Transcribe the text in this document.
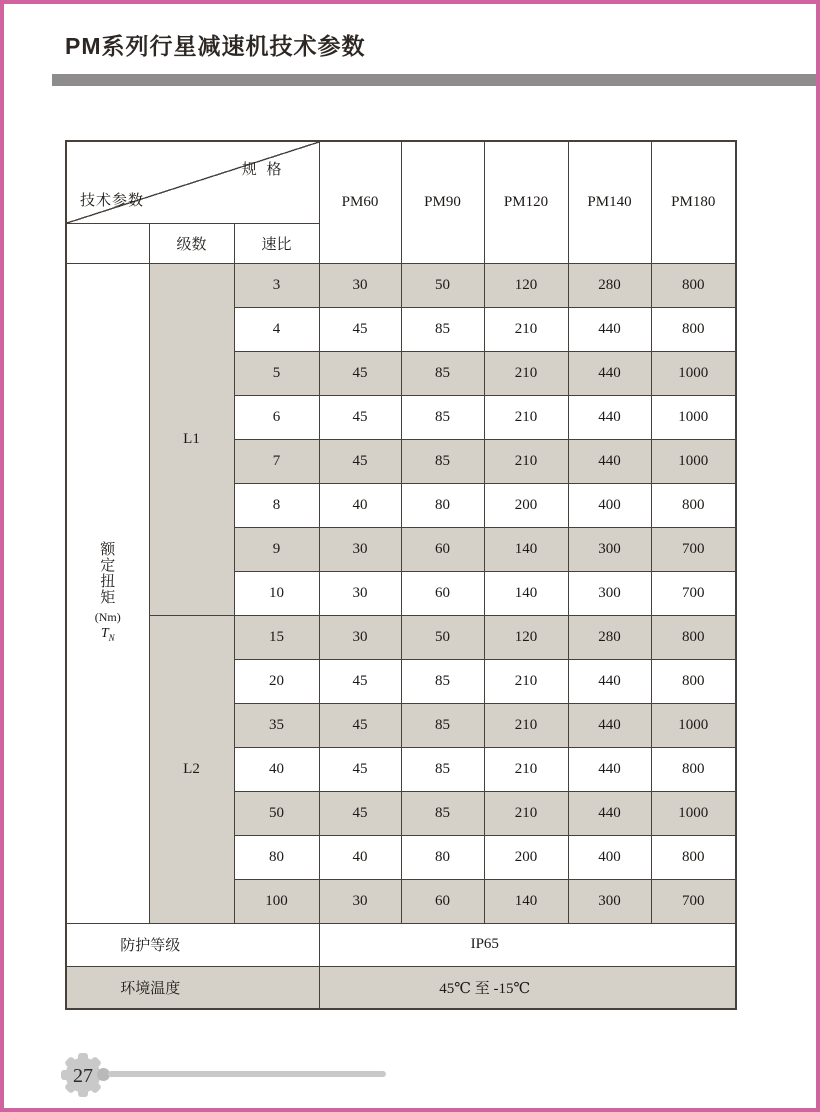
PM系列行星减速机技术参数
规 格
技术参数			PM60	PM90	PM120	PM140	PM180
	级数	速比					

额定扭矩
(Nm)
$T_N$	L1	3	30	50	120	280	800
		4	45	85	210	440	800
		5	45	85	210	440	1000
		6	45	85	210	440	1000
		7	45	85	210	440	1000
		8	40	80	200	400	800
		9	30	60	140	300	700
		10	30	60	140	300	700
	L2	15	30	50	120	280	800
		20	45	85	210	440	800
		35	45	85	210	440	1000
		40	45	85	210	440	800
		50	45	85	210	440	1000
		80	40	80	200	400	800
		100	30	60	140	300	700
防护等级			IP65				
环境温度			45℃ 至 -15℃				
27
